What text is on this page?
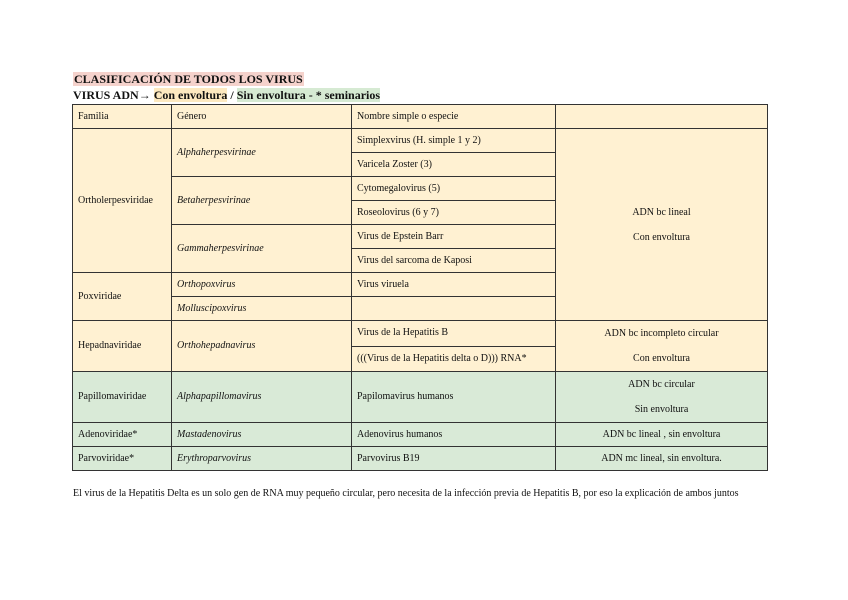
CLASIFICACIÓN DE TODOS LOS VIRUS
VIRUS ADN→ Con envoltura / Sin envoltura - * seminarios
Familia	Género	Nombre simple o especie	
Ortholerpesviridae	Alphaherpesvirinae	Simplexvirus (H. simple 1 y 2)	ADN bc lineal
Con envoltura

		Varicela Zoster (3)	
	Betaherpesvirinae	Cytomegalovirus (5)	
		Roseolovirus (6 y 7)	
	Gammaherpesvirinae	Virus de Epstein Barr	
		Virus del sarcoma de Kaposi	
Poxviridae	Orthopoxvirus	Virus viruela	
	Molluscipoxvirus		
Hepadnaviridae	Orthohepadnavirus	Virus de la Hepatitis B	ADN bc incompleto circular
Con envoltura

		(((Virus de la Hepatitis delta o D))) RNA*	
Papillomaviridae	Alphapapillomavirus	Papilomavirus humanos	ADN bc circular
Sin envoltura

Adenoviridae*	Mastadenovirus	Adenovirus humanos	ADN bc lineal , sin envoltura
Parvoviridae*	Erythroparvovirus	Parvovirus B19	ADN mc lineal, sin envoltura.
El virus de la Hepatitis Delta es un solo gen de RNA muy pequeño circular, pero necesita de la infección previa de Hepatitis B, por eso la explicación de ambos juntos
